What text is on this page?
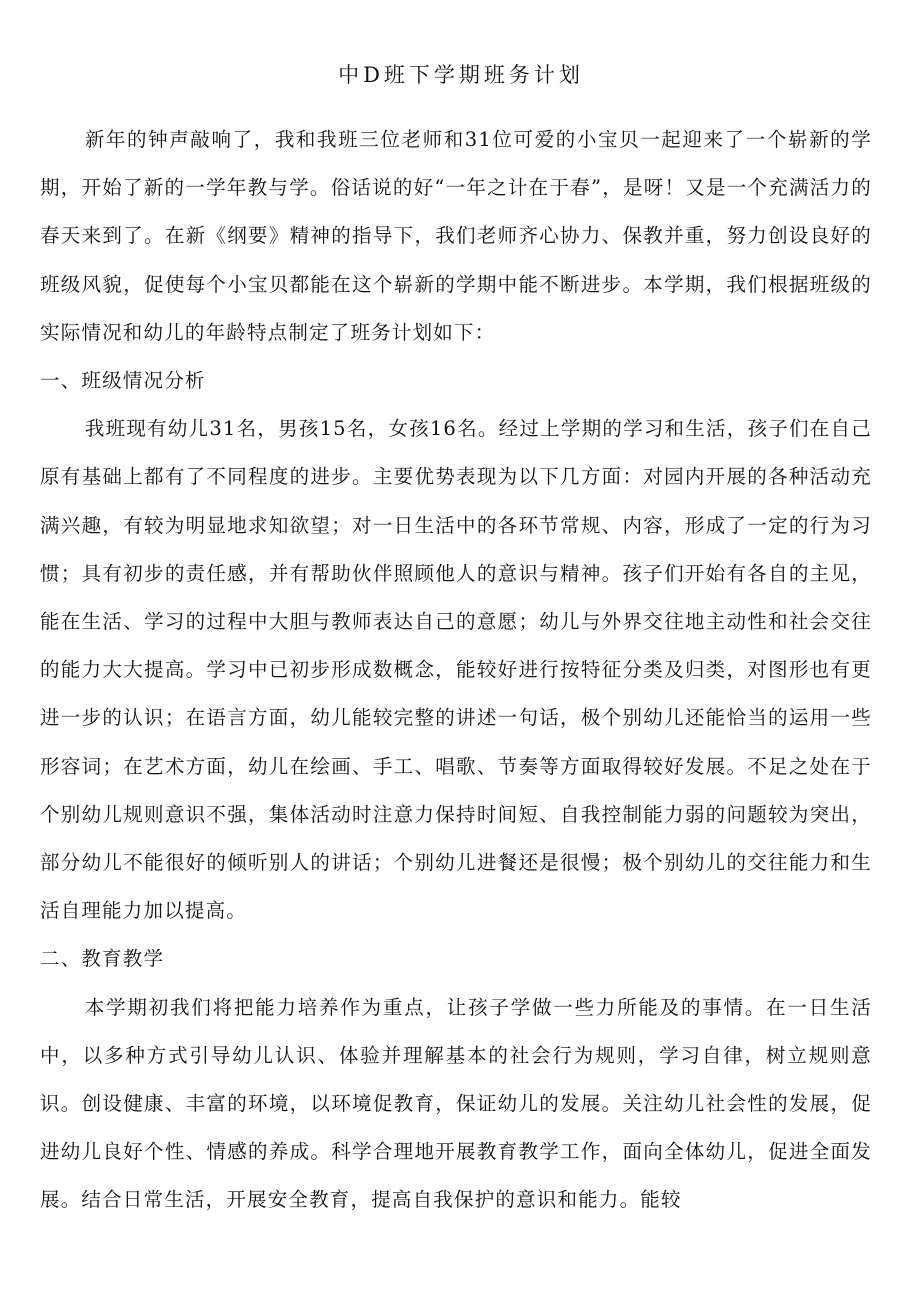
中D班下学期班务计划

新年的钟声敲响了，我和我班三位老师和31位可爱的小宝贝一起迎来了一个崭新的学期，开始了新的一学年教与学。俗话说的好“一年之计在于春”，是呀！又是一个充满活力的春天来到了。在新《纲要》精神的指导下，我们老师齐心协力、保教并重，努力创设良好的班级风貌，促使每个小宝贝都能在这个崭新的学期中能不断进步。本学期，我们根据班级的实际情况和幼儿的年龄特点制定了班务计划如下：

一、班级情况分析

我班现有幼儿31名，男孩15名，女孩16名。经过上学期的学习和生活，孩子们在自己原有基础上都有了不同程度的进步。主要优势表现为以下几方面：对园内开展的各种活动充满兴趣，有较为明显地求知欲望；对一日生活中的各环节常规、内容，形成了一定的行为习惯；具有初步的责任感，并有帮助伙伴照顾他人的意识与精神。孩子们开始有各自的主见，能在生活、学习的过程中大胆与教师表达自己的意愿；幼儿与外界交往地主动性和社会交往的能力大大提高。学习中已初步形成数概念，能较好进行按特征分类及归类，对图形也有更进一步的认识；在语言方面，幼儿能较完整的讲述一句话，极个别幼儿还能恰当的运用一些形容词；在艺术方面，幼儿在绘画、手工、唱歌、节奏等方面取得较好发展。不足之处在于个别幼儿规则意识不强，集体活动时注意力保持时间短、自我控制能力弱的问题较为突出，部分幼儿不能很好的倾听别人的讲话；个别幼儿进餐还是很慢；极个别幼儿的交往能力和生活自理能力加以提高。

二、教育教学

本学期初我们将把能力培养作为重点，让孩子学做一些力所能及的事情。在一日生活中，以多种方式引导幼儿认识、体验并理解基本的社会行为规则，学习自律，树立规则意识。创设健康、丰富的环境，以环境促教育，保证幼儿的发展。关注幼儿社会性的发展，促进幼儿良好个性、情感的养成。科学合理地开展教育教学工作，面向全体幼儿，促进全面发展。结合日常生活，开展安全教育，提高自我保护的意识和能力。能较
